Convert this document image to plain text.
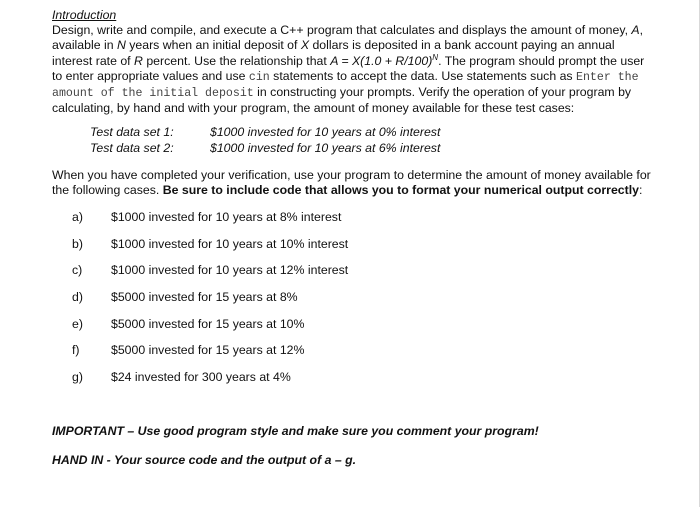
Introduction

Design, write and compile, and execute a C++ program that calculates and displays the amount of money, A,
available in N years when an initial deposit of X dollars is deposited in a bank account paying an annual
interest rate of R percent. Use the relationship that $A = X(1.0 + R/100)^N$. The program should prompt the user
to enter appropriate values and use cin statements to accept the data. Use statements such as Enter the
amount of the initial deposit in constructing your prompts. Verify the operation of your program by
calculating, by hand and with your program, the amount of money available for these test cases:

Test data set 1:	$1000 invested for 10 years at 0% interest
Test data set 2:	$1000 invested for 10 years at 6% interest

When you have completed your verification, use your program to determine the amount of money available for
the following cases. Be sure to include code that allows you to format your numerical output correctly:

a)	$1000 invested for 10 years at 8% interest
b)	$1000 invested for 10 years at 10% interest
c)	$1000 invested for 10 years at 12% interest
d)	$5000 invested for 15 years at 8%
e)	$5000 invested for 15 years at 10%
f)	$5000 invested for 15 years at 12%
g)	$24 invested for 300 years at 4%

IMPORTANT – Use good program style and make sure you comment your program!

HAND IN - Your source code and the output of a – g.
